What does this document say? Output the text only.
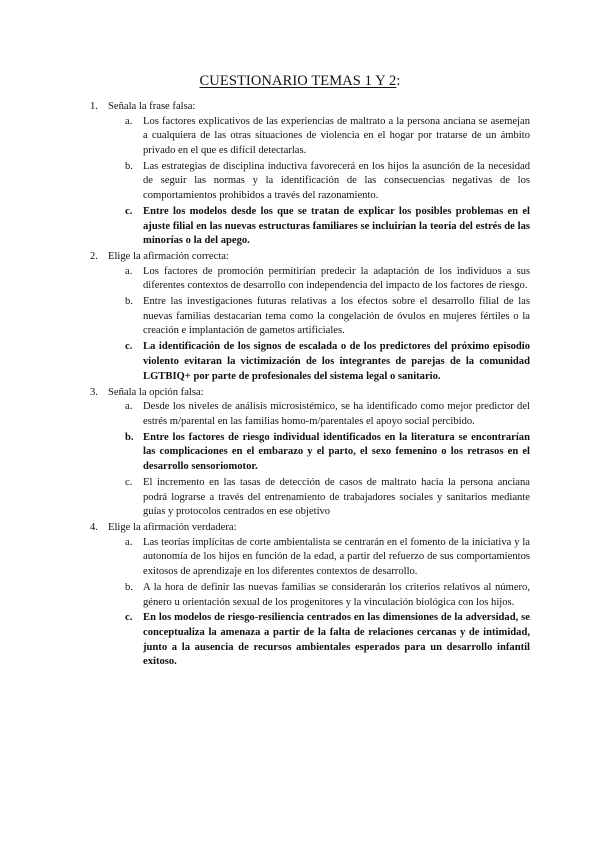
CUESTIONARIO TEMAS 1 Y 2:
1. Señala la frase falsa:
a. Los factores explicativos de las experiencias de maltrato a la persona anciana se asemejan a cualquiera de las otras situaciones de violencia en el hogar por tratarse de un ámbito privado en el que es difícil detectarlas.
b. Las estrategias de disciplina inductiva favorecerá en los hijos la asunción de la necesidad de seguir las normas y la identificación de las consecuencias negativas de los comportamientos prohibidos a través del razonamiento.
c. Entre los modelos desde los que se tratan de explicar los posibles problemas en el ajuste filial en las nuevas estructuras familiares se incluirían la teoría del estrés de las minorías o la del apego.
2. Elige la afirmación correcta:
a. Los factores de promoción permitirían predecir la adaptación de los individuos a sus diferentes contextos de desarrollo con independencia del impacto de los factores de riesgo.
b. Entre las investigaciones futuras relativas a los efectos sobre el desarrollo filial de las nuevas familias destacarían tema como la congelación de óvulos en mujeres fértiles o la creación e implantación de gametos artificiales.
c. La identificación de los signos de escalada o de los predictores del próximo episodio violento evitaran la victimización de los integrantes de parejas de la comunidad LGTBIQ+ por parte de profesionales del sistema legal o sanitario.
3. Señala la opción falsa:
a. Desde los niveles de análisis microsistémico, se ha identificado como mejor predictor del estrés m/parental en las familias homo-m/parentales el apoyo social percibido.
b. Entre los factores de riesgo individual identificados en la literatura se encontrarían las complicaciones en el embarazo y el parto, el sexo femenino o los retrasos en el desarrollo sensoriomotor.
c. El incremento en las tasas de detección de casos de maltrato hacia la persona anciana podrá lograrse a través del entrenamiento de trabajadores sociales y sanitarios mediante guías y protocolos centrados en ese objetivo
4. Elige la afirmación verdadera:
a. Las teorías implícitas de corte ambientalista se centrarán en el fomento de la iniciativa y la autonomía de los hijos en función de la edad, a partir del refuerzo de sus comportamientos exitosos de aprendizaje en los diferentes contextos de desarrollo.
b. A la hora de definir las nuevas familias se considerarán los criterios relativos al número, género u orientación sexual de los progenitores y la vinculación biológica con los hijos.
c. En los modelos de riesgo-resiliencia centrados en las dimensiones de la adversidad, se conceptualiza la amenaza a partir de la falta de relaciones cercanas y de intimidad, junto a la ausencia de recursos ambientales esperados para un desarrollo infantil exitoso.
